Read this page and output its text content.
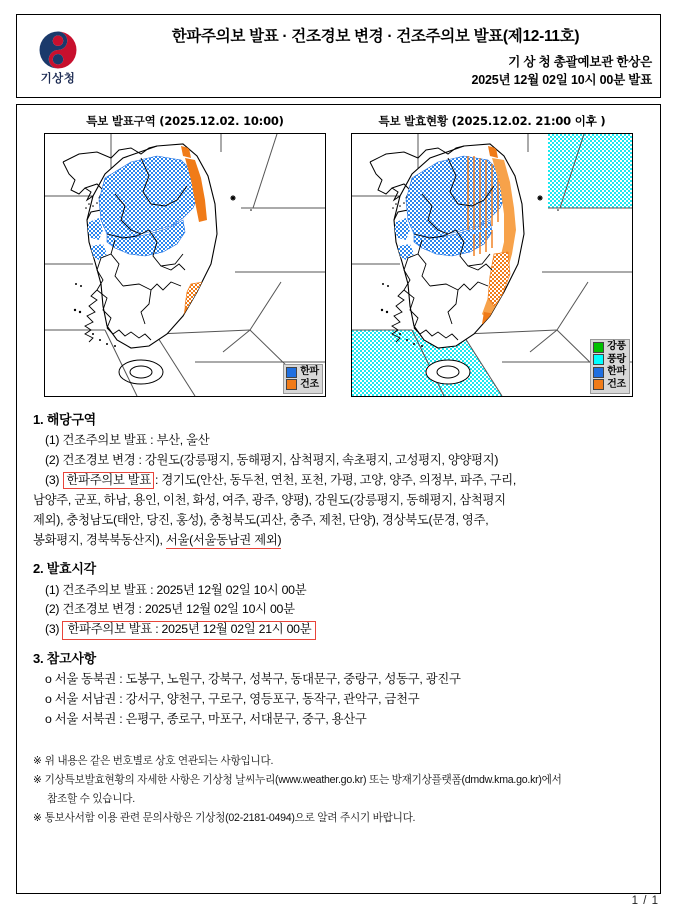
기상청
한파주의보 발표 · 건조경보 변경 · 건조주의보 발표(제12-11호)
기 상 청 총괄예보관 한상은
2025년 12월 02일 10시 00분 발표
특보 발표구역 (2025.12.02. 10:00)
한파
건조
특보 발효현황 (2025.12.02. 21:00 이후 )
강풍
풍랑
한파
건조
1. 해당구역
(1) 건조주의보 발표 : 부산, 울산
(2) 건조경보 변경 : 강원도(강릉평지, 동해평지, 삼척평지, 속초평지, 고성평지, 양양평지)
(3) 한파주의보 발표 : 경기도(안산, 동두천, 연천, 포천, 가평, 고양, 양주, 의정부, 파주, 구리,
남양주, 군포, 하남, 용인, 이천, 화성, 여주, 광주, 양평), 강원도(강릉평지, 동해평지, 삼척평지
제외), 충청남도(태안, 당진, 홍성), 충청북도(괴산, 충주, 제천, 단양), 경상북도(문경, 영주,
봉화평지, 경북북동산지), 서울(서울동남권 제외)
2. 발효시각
(1) 건조주의보 발표 : 2025년 12월 02일 10시 00분
(2) 건조경보 변경 : 2025년 12월 02일 10시 00분
(3) 한파주의보 발표 : 2025년 12월 02일 21시 00분
3. 참고사항
o 서울 동북권 : 도봉구, 노원구, 강북구, 성북구, 동대문구, 중랑구, 성동구, 광진구
o 서울 서남권 : 강서구, 양천구, 구로구, 영등포구, 동작구, 관악구, 금천구
o 서울 서북권 : 은평구, 종로구, 마포구, 서대문구, 중구, 용산구
※ 위 내용은 같은 번호별로 상호 연관되는 사항입니다.
※ 기상특보발효현황의 자세한 사항은 기상청 날씨누리(www.weather.go.kr) 또는 방재기상플랫폼(dmdw.kma.go.kr)에서
참조할 수 있습니다.
※ 통보사서함 이용 관련 문의사항은 기상청(02-2181-0494)으로 알려 주시기 바랍니다.
1 / 1
